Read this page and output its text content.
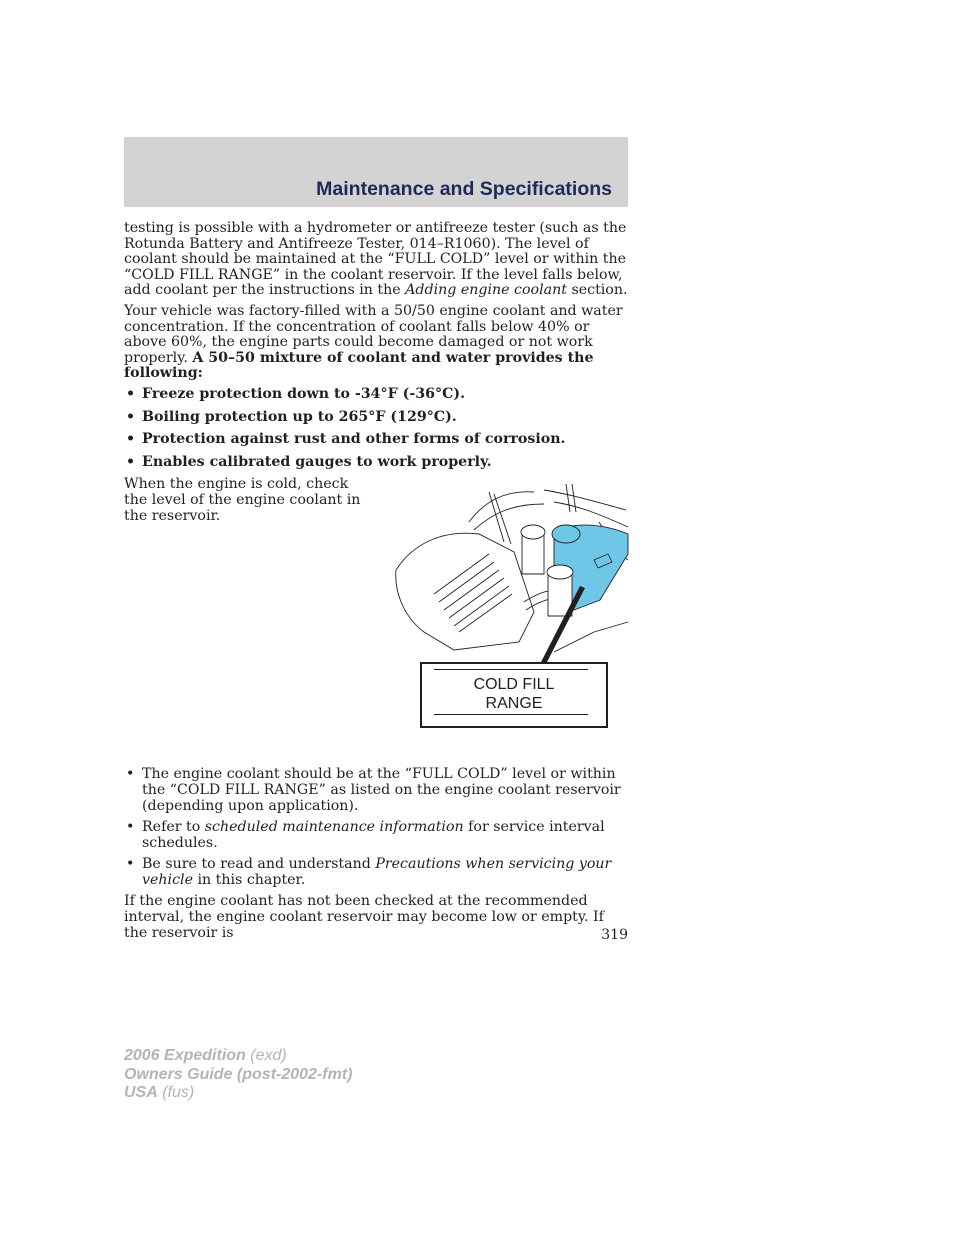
Maintenance and Specifications

testing is possible with a hydrometer or antifreeze tester (such as the Rotunda Battery and Antifreeze Tester, 014–R1060). The level of coolant should be maintained at the “FULL COLD” level or within the “COLD FILL RANGE” in the coolant reservoir. If the level falls below, add coolant per the instructions in the Adding engine coolant section.

Your vehicle was factory-filled with a 50/50 engine coolant and water concentration. If the concentration of coolant falls below 40% or above 60%, the engine parts could become damaged or not work properly. A 50–50 mixture of coolant and water provides the following:

• Freeze protection down to -34°F (-36°C).
• Boiling protection up to 265°F (129°C).
• Protection against rust and other forms of corrosion.
• Enables calibrated gauges to work properly.

When the engine is cold, check the level of the engine coolant in the reservoir.

COLD FILL
RANGE
• The engine coolant should be at the “FULL COLD” level or within the “COLD FILL RANGE” as listed on the engine coolant reservoir (depending upon application).
• Refer to scheduled maintenance information for service interval schedules.
• Be sure to read and understand Precautions when servicing your vehicle in this chapter.

If the engine coolant has not been checked at the recommended interval, the engine coolant reservoir may become low or empty. If the reservoir is	319
2006 Expedition (exd)
Owners Guide (post-2002-fmt)
USA (fus)
